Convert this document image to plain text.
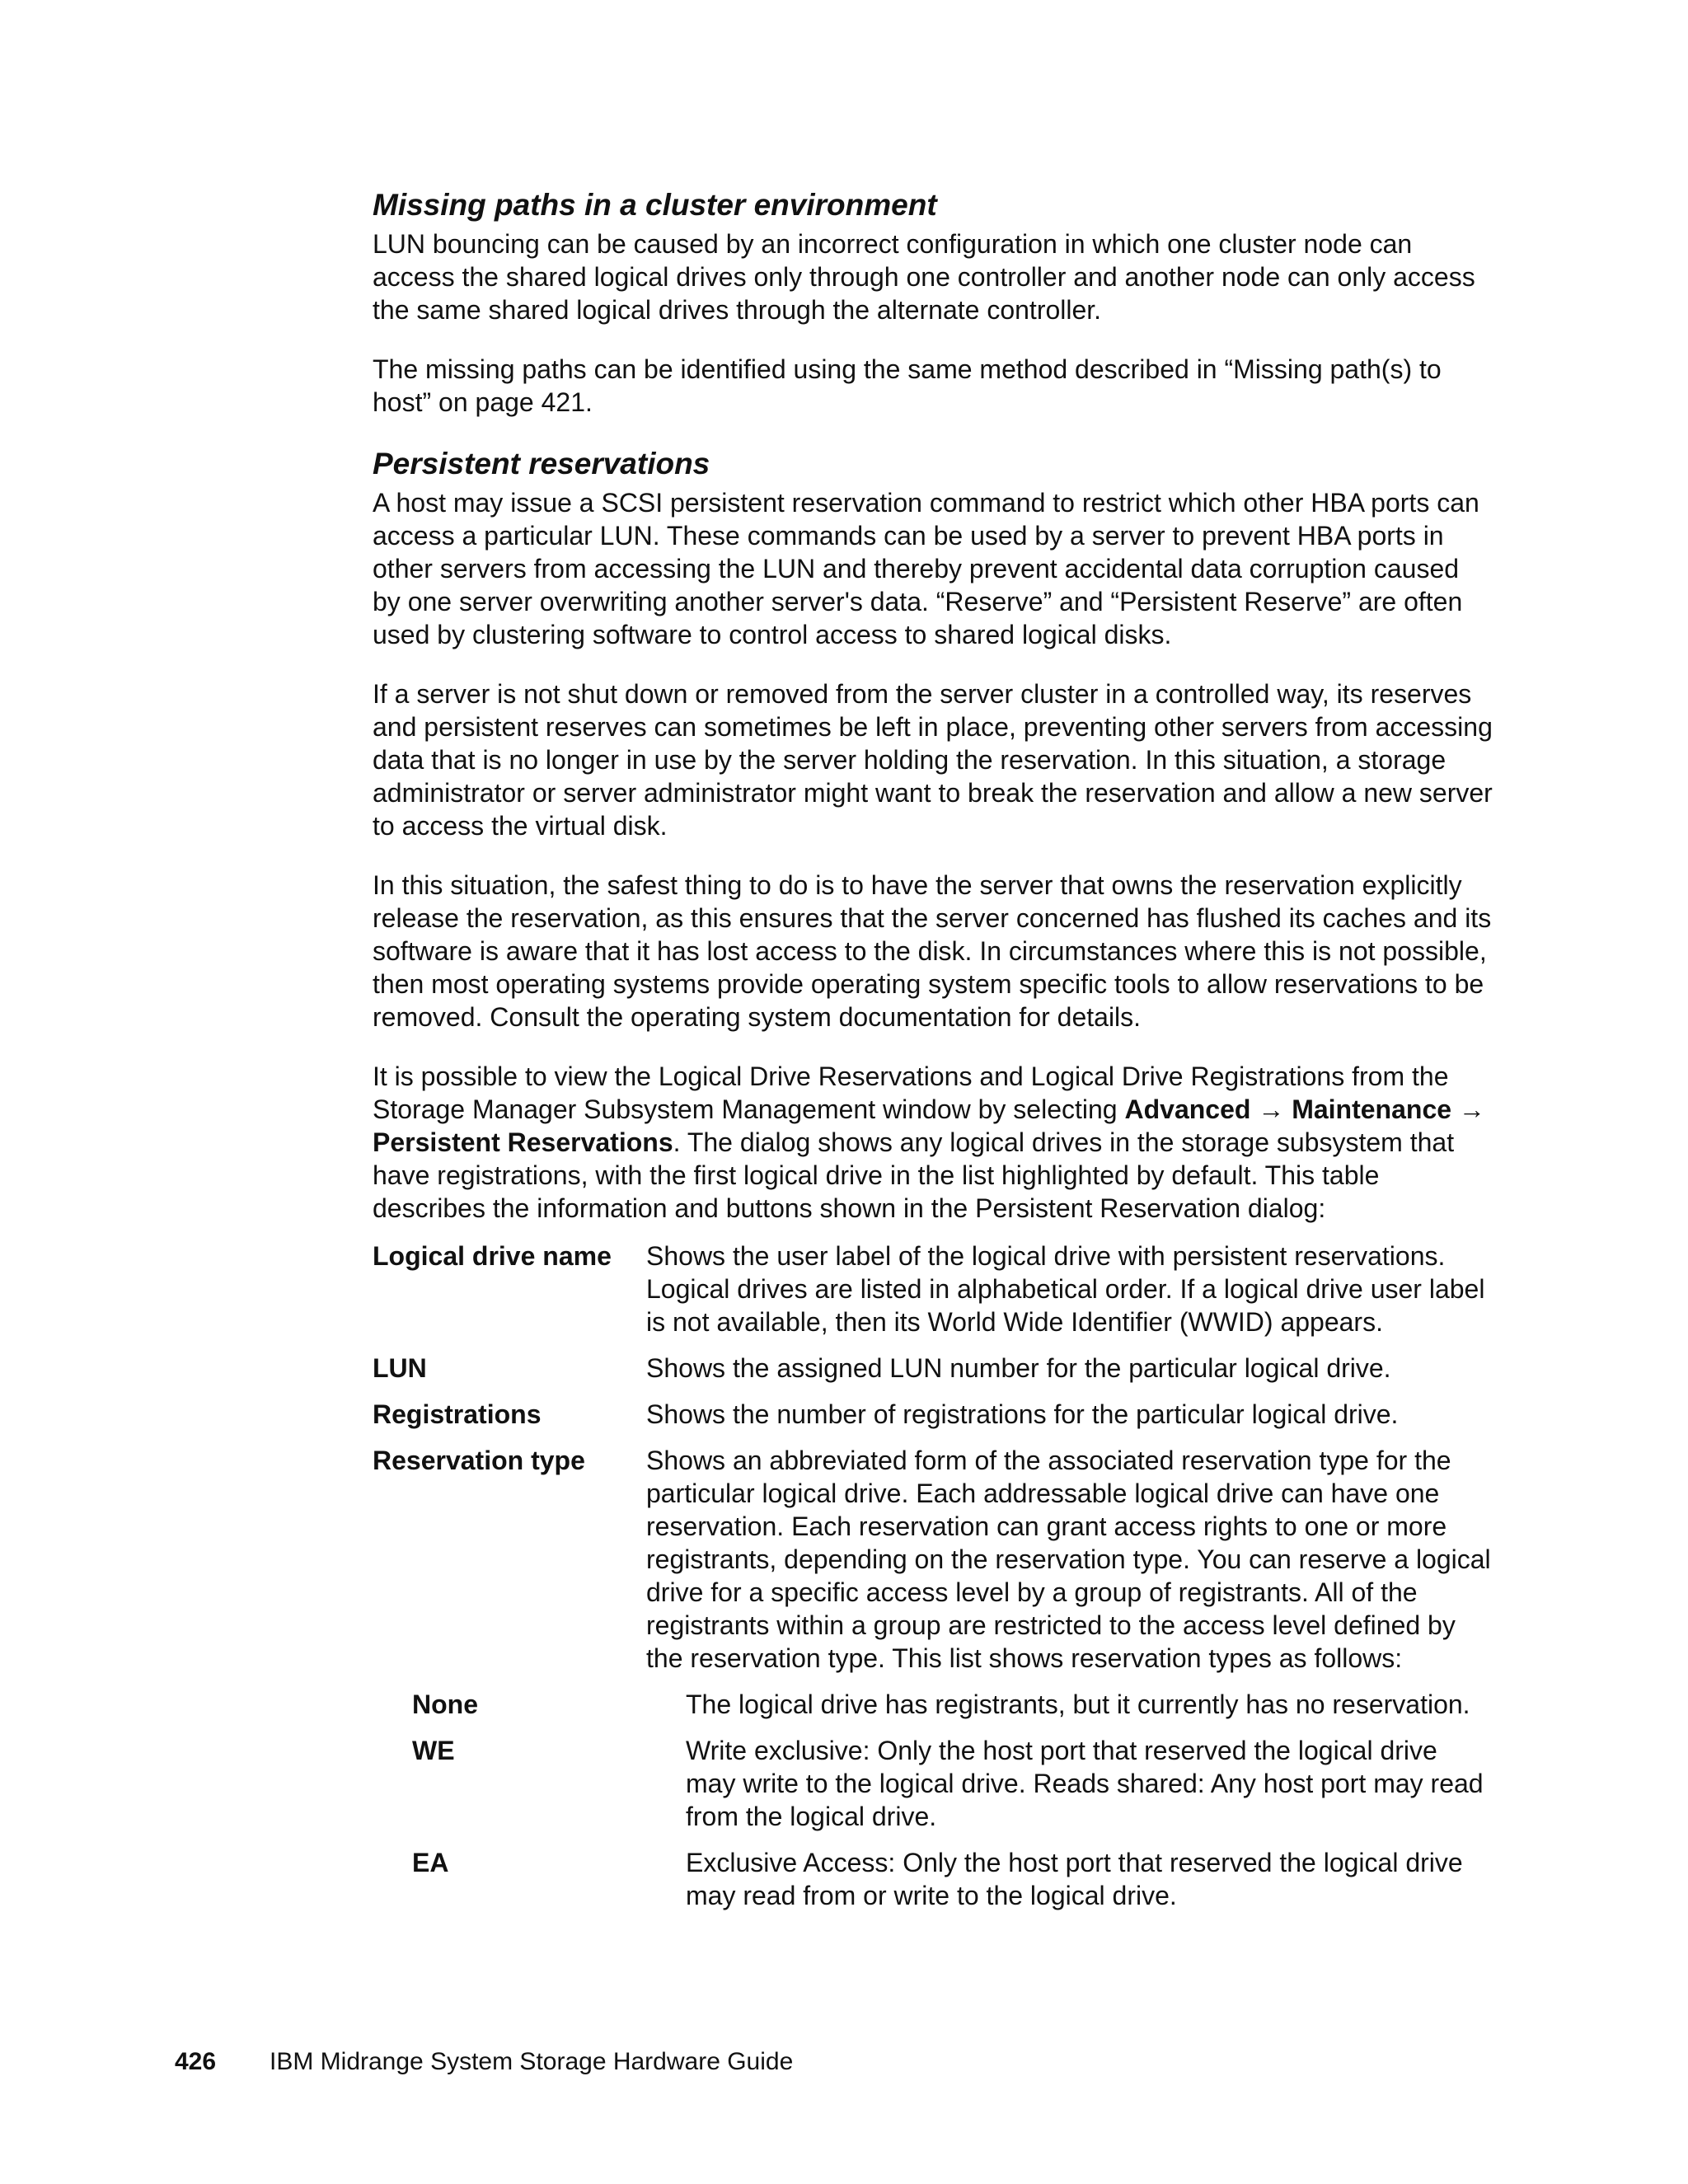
Missing paths in a cluster environment

LUN bouncing can be caused by an incorrect configuration in which one cluster node can access the shared logical drives only through one controller and another node can only access the same shared logical drives through the alternate controller.

The missing paths can be identified using the same method described in “Missing path(s) to host” on page 421.

Persistent reservations

A host may issue a SCSI persistent reservation command to restrict which other HBA ports can access a particular LUN. These commands can be used by a server to prevent HBA ports in other servers from accessing the LUN and thereby prevent accidental data corruption caused by one server overwriting another server's data. “Reserve” and “Persistent Reserve” are often used by clustering software to control access to shared logical disks.

If a server is not shut down or removed from the server cluster in a controlled way, its reserves and persistent reserves can sometimes be left in place, preventing other servers from accessing data that is no longer in use by the server holding the reservation. In this situation, a storage administrator or server administrator might want to break the reservation and allow a new server to access the virtual disk.

In this situation, the safest thing to do is to have the server that owns the reservation explicitly release the reservation, as this ensures that the server concerned has flushed its caches and its software is aware that it has lost access to the disk. In circumstances where this is not possible, then most operating systems provide operating system specific tools to allow reservations to be removed. Consult the operating system documentation for details.

It is possible to view the Logical Drive Reservations and Logical Drive Registrations from the Storage Manager Subsystem Management window by selecting Advanced → Maintenance → Persistent Reservations. The dialog shows any logical drives in the storage subsystem that have registrations, with the first logical drive in the list highlighted by default. This table describes the information and buttons shown in the Persistent Reservation dialog:

Logical drive name	Shows the user label of the logical drive with persistent reservations. Logical drives are listed in alphabetical order. If a logical drive user label is not available, then its World Wide Identifier (WWID) appears.
LUN	Shows the assigned LUN number for the particular logical drive.
Registrations	Shows the number of registrations for the particular logical drive.
Reservation type	Shows an abbreviated form of the associated reservation type for the particular logical drive. Each addressable logical drive can have one reservation. Each reservation can grant access rights to one or more registrants, depending on the reservation type. You can reserve a logical drive for a specific access level by a group of registrants. All of the registrants within a group are restricted to the access level defined by the reservation type. This list shows reservation types as follows:
None	The logical drive has registrants, but it currently has no reservation.
WE	Write exclusive: Only the host port that reserved the logical drive may write to the logical drive. Reads shared: Any host port may read from the logical drive.
EA	Exclusive Access: Only the host port that reserved the logical drive may read from or write to the logical drive.
426	IBM Midrange System Storage Hardware Guide
